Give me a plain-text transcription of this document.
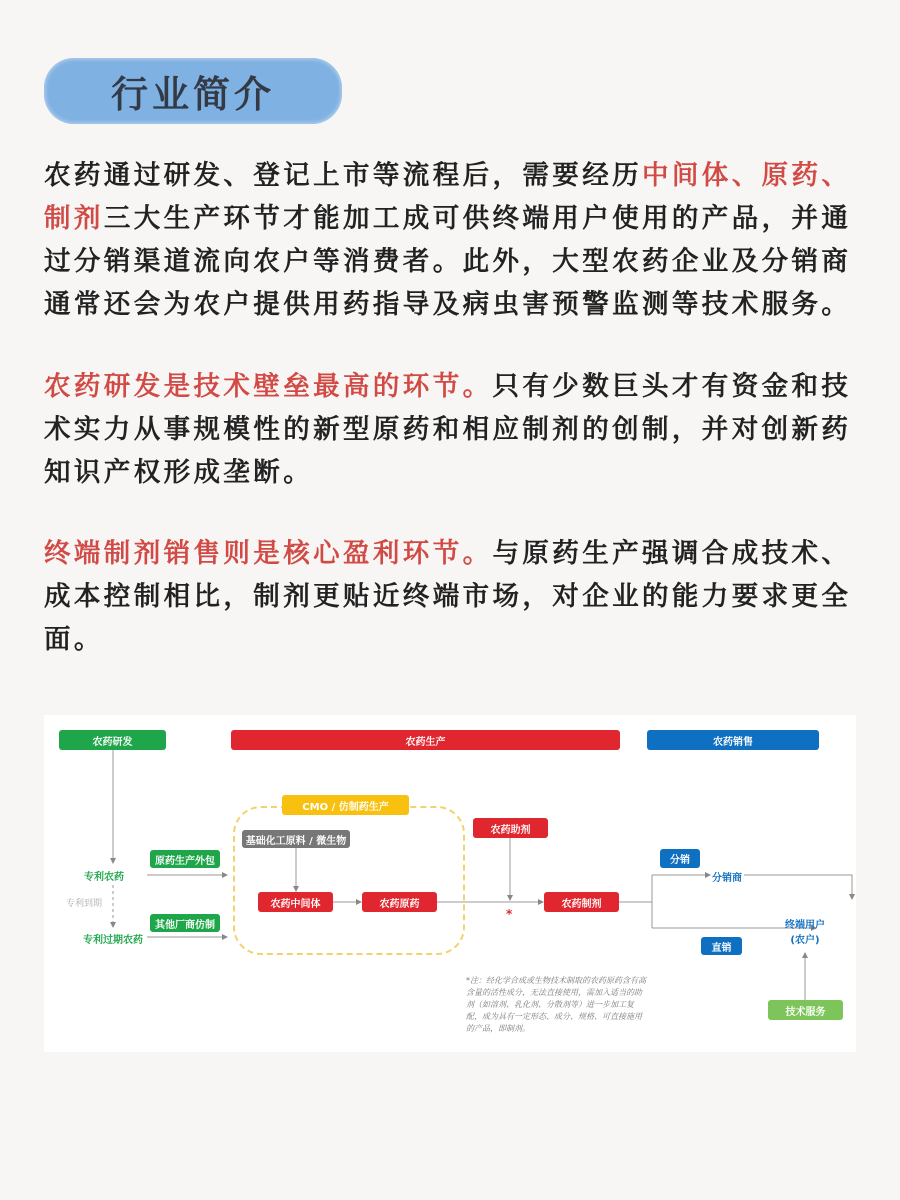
行业简介
农药通过研发、登记上市等流程后，需要经历中间体、原药、制剂三大生产环节才能加工成可供终端用户使用的产品，并通过分销渠道流向农户等消费者。此外，大型农药企业及分销商通常还会为农户提供用药指导及病虫害预警监测等技术服务。
农药研发是技术壁垒最高的环节。只有少数巨头才有资金和技术实力从事规模性的新型原药和相应制剂的创制，并对创新药知识产权形成垄断。
终端制剂销售则是核心盈利环节。与原药生产强调合成技术、成本控制相比，制剂更贴近终端市场，对企业的能力要求更全面。
农药研发	农药生产	农药销售
CMO / 仿制药生产
基础化工原料 / 微生物
专利农药
专利到期
专利过期农药
原药生产外包
其他厂商仿制
农药中间体	农药原药
农药助剂
*
农药制剂
分销
分销商
直销
终端用户
(农户)
技术服务
*注：经化学合成或生物技术制取的农药原药含有高含量的活性成分，无法直接使用，需加入适当的助剂（如溶剂、乳化剂、分散剂等）进一步加工复配，成为具有一定形态、成分、规格、可直接施用的产品，即制剂。
